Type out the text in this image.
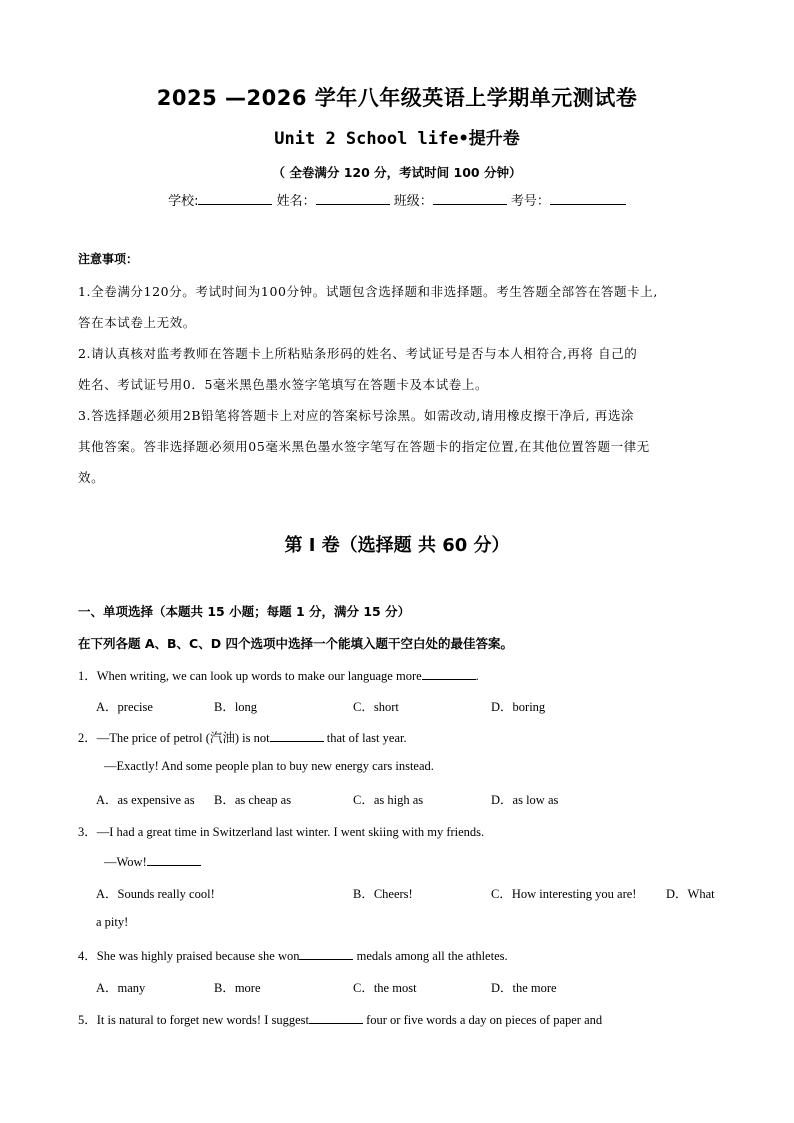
2025 —2026 学年八年级英语上学期单元测试卷
Unit 2 School life•提升卷
（ 全卷满分 120 分，考试时间 100 分钟）
学校:	姓名：	班级：	考号：
注意事项：
1.全卷满分120分。考试时间为100分钟。试题包含选择题和非选择题。考生答题全部答在答题卡上,
答在本试卷上无效。
2.请认真核对监考教师在答题卡上所粘贴条形码的姓名、考试证号是否与本人相符合,再将 自己的
姓名、考试证号用0．5毫米黑色墨水签字笔填写在答题卡及本试卷上。
3.答选择题必须用2B铅笔将答题卡上对应的答案标号涂黑。如需改动,请用橡皮擦干净后, 再选涂
其他答案。答非选择题必须用05毫米黑色墨水签字笔写在答题卡的指定位置,在其他位置答题一律无
效。
第 I 卷（选择题 共 60 分）
一、单项选择（本题共 15 小题；每题 1 分，满分 15 分）
在下列各题 A、B、C、D 四个选项中选择一个能填入题干空白处的最佳答案。
1．When writing, we can look up words to make our language more	.
A．precise	B．long	C．short	D．boring
2．—The price of petrol (汽油) is not	that of last year.
—Exactly! And some people plan to buy new energy cars instead.
A．as expensive as B．as cheap as	C．as high as	D．as low as
3．—I had a great time in Switzerland last winter. I went skiing with my friends.
—Wow!
A．Sounds really cool!	B．Cheers!	C．How interesting you are! D．What
a pity!
4．She was highly praised because she won	medals among all the athletes.
A．many	B．more	C．the most	D．the more
5．It is natural to forget new words! I suggest	four or five words a day on pieces of paper and
